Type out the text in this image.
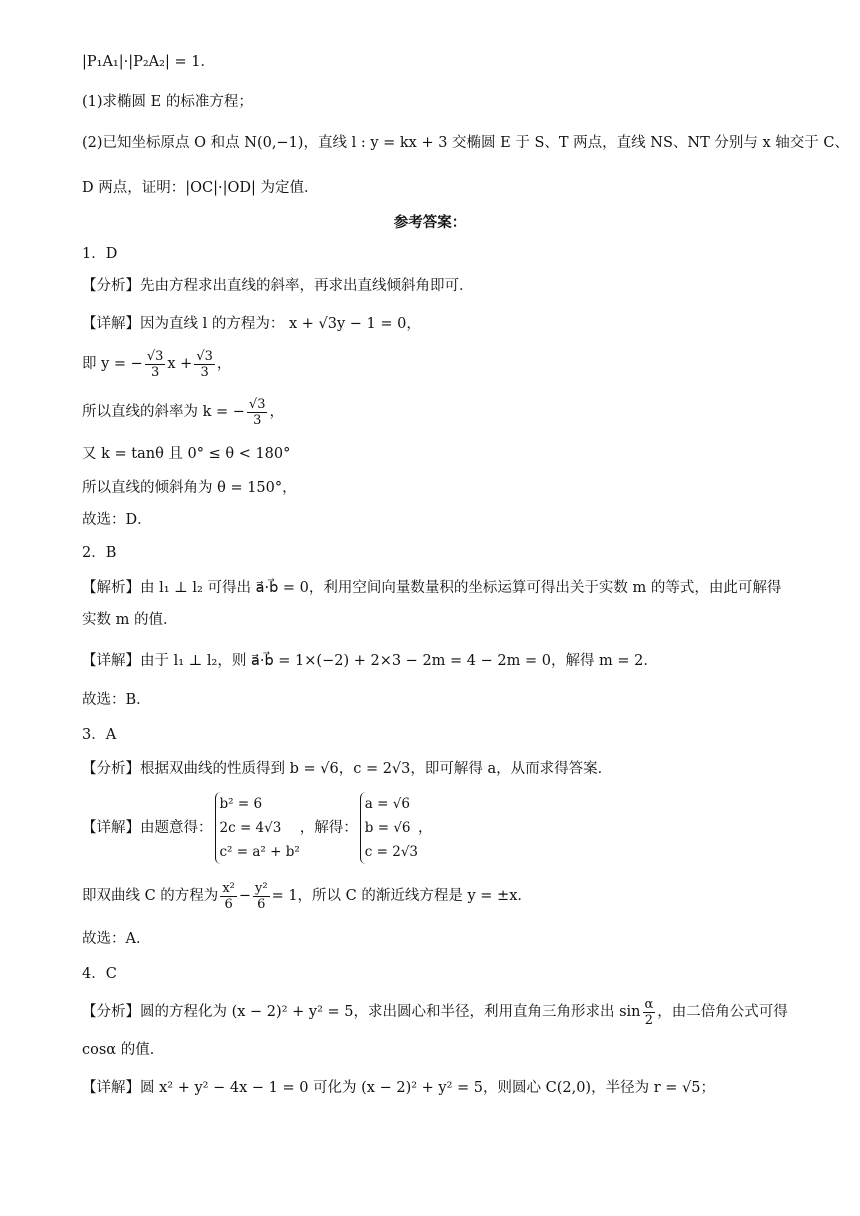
|P₁A₁|·|P₂A₂| = 1．
(1)求椭圆 E 的标准方程；
(2)已知坐标原点 O 和点 N(0,−1)，直线 l : y = kx + 3 交椭圆 E 于 S、T 两点，直线 NS、NT 分别与 x 轴交于 C、
D 两点，证明：|OC|·|OD| 为定值．
参考答案：
1．D
【分析】先由方程求出直线的斜率，再求出直线倾斜角即可．
【详解】因为直线 l 的方程为： x + √3y − 1 = 0，
即 y = − $\frac{√3}{3}$ $x + \frac{√3}{3}$ ，
所以直线的斜率为 k = − $\frac{√3}{3}$ ，
又 k = tanθ 且 0° ≤ θ < 180°
所以直线的倾斜角为 θ = 150°，
故选：D．
2．B
【解析】由 l₁ ⊥ l₂ 可得出 a⃗·b⃗ = 0，利用空间向量数量积的坐标运算可得出关于实数 m 的等式，由此可解得
实数 m 的值．
【详解】由于 l₁ ⊥ l₂，则 a⃗·b⃗ = 1×(−2) + 2×3 − 2m = 4 − 2m = 0，解得 m = 2．
故选：B．
3．A
【分析】根据双曲线的性质得到 b = √6，c = 2√3，即可解得 a，从而求得答案．
【详解】由题意得：
b² = 6
2c = 4√3
c² = a² + b²
，解得：
a = √6
b = √6
c = 2√3
，
即双曲线 C 的方程为 $\frac{\text{x²}}{6} - \frac{\text{y²}}{6} = 1$，所以 C 的渐近线方程是 y = ±x．
故选：A．
4．C
【分析】圆的方程化为 (x − 2)² + y² = 5，求出圆心和半径，利用直角三角形求出 $\sin \frac{\alpha}{2}$ ，由二倍角公式可得
cosα 的值．
【详解】圆 x² + y² − 4x − 1 = 0 可化为 (x − 2)² + y² = 5，则圆心 C(2,0)，半径为 r = √5；
